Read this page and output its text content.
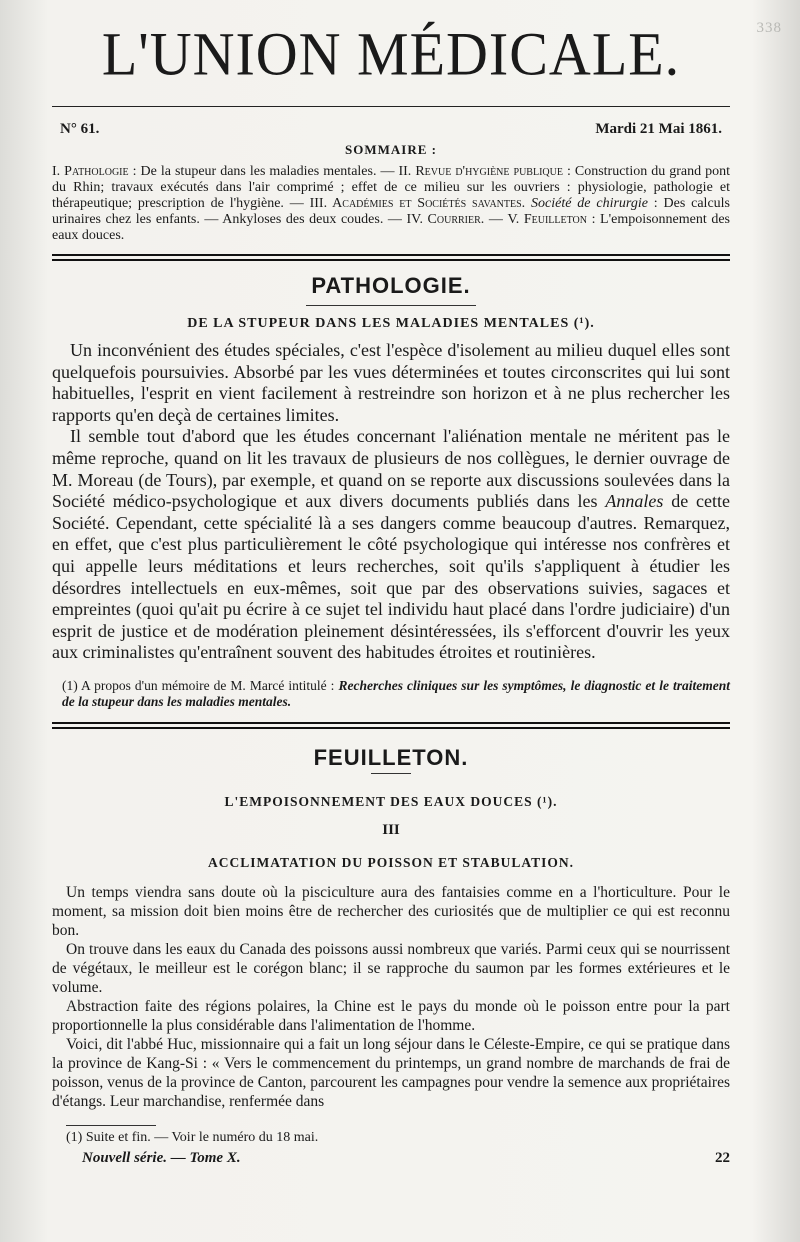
338
L'UNION MÉDICALE.
N° 61.	Mardi 21 Mai 1861.
SOMMAIRE :
I. Pathologie : De la stupeur dans les maladies mentales. — II. Revue d'hygiène publique : Construction du grand pont du Rhin; travaux exécutés dans l'air comprimé ; effet de ce milieu sur les ouvriers : physiologie, pathologie et thérapeutique; prescription de l'hygiène. — III. Académies et Sociétés savantes. Société de chirurgie : Des calculs urinaires chez les enfants. — Ankyloses des deux coudes. — IV. Courrier. — V. Feuilleton : L'empoisonnement des eaux douces.
PATHOLOGIE.
DE LA STUPEUR DANS LES MALADIES MENTALES (¹).

Un inconvénient des études spéciales, c'est l'espèce d'isolement au milieu duquel elles sont quelquefois poursuivies. Absorbé par les vues déterminées et toutes circonscrites qui lui sont habituelles, l'esprit en vient facilement à restreindre son horizon et à ne plus rechercher les rapports qu'en deçà de certaines limites.

Il semble tout d'abord que les études concernant l'aliénation mentale ne méritent pas le même reproche, quand on lit les travaux de plusieurs de nos collègues, le dernier ouvrage de M. Moreau (de Tours), par exemple, et quand on se reporte aux discussions soulevées dans la Société médico-psychologique et aux divers documents publiés dans les Annales de cette Société. Cependant, cette spécialité là a ses dangers comme beaucoup d'autres. Remarquez, en effet, que c'est plus particulièrement le côté psychologique qui intéresse nos confrères et qui appelle leurs méditations et leurs recherches, soit qu'ils s'appliquent à étudier les désordres intellectuels en eux-mêmes, soit que par des observations suivies, sagaces et empreintes (quoi qu'ait pu écrire à ce sujet tel individu haut placé dans l'ordre judiciaire) d'un esprit de justice et de modération pleinement désintéressées, ils s'efforcent d'ouvrir les yeux aux criminalistes qu'entraînent souvent des habitudes étroites et routinières.

(1) A propos d'un mémoire de M. Marcé intitulé : Recherches cliniques sur les symptômes, le diagnostic et le traitement de la stupeur dans les maladies mentales.
FEUILLETON.
L'EMPOISONNEMENT DES EAUX DOUCES (¹).
III
ACCLIMATATION DU POISSON ET STABULATION.

Un temps viendra sans doute où la pisciculture aura des fantaisies comme en a l'horticulture. Pour le moment, sa mission doit bien moins être de rechercher des curiosités que de multiplier ce qui est reconnu bon.

On trouve dans les eaux du Canada des poissons aussi nombreux que variés. Parmi ceux qui se nourrissent de végétaux, le meilleur est le corégon blanc; il se rapproche du saumon par les formes extérieures et le volume.

Abstraction faite des régions polaires, la Chine est le pays du monde où le poisson entre pour la part proportionnelle la plus considérable dans l'alimentation de l'homme.

Voici, dit l'abbé Huc, missionnaire qui a fait un long séjour dans le Céleste-Empire, ce qui se pratique dans la province de Kang-Si : « Vers le commencement du printemps, un grand nombre de marchands de frai de poisson, venus de la province de Canton, parcourent les campagnes pour vendre la semence aux propriétaires d'étangs. Leur marchandise, renfermée dans

(1) Suite et fin. — Voir le numéro du 18 mai.
Nouvell série. — Tome X.	22
